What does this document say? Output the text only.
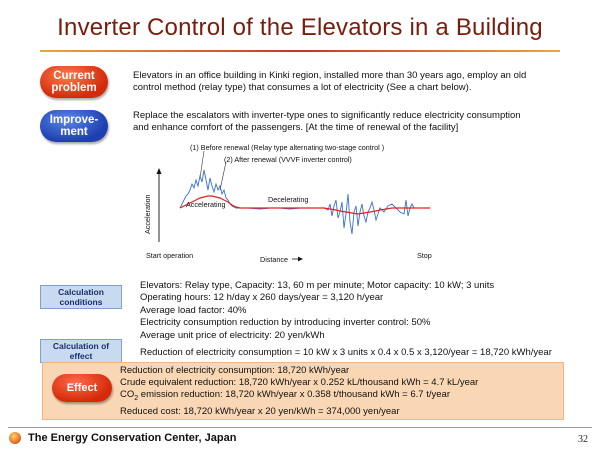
Inverter Control of the Elevators in a Building
Current problem
Elevators in an office building in Kinki region, installed more than 30 years ago, employ an old
control method (relay type) that consumes a lot of electricity (See a chart below).
Improve-ment
Replace the escalators with inverter-type ones to significantly reduce electricity consumption
and enhance comfort of the passengers. [At the time of renewal of the facility]
(1) Before renewal (Relay type alternating two-stage control )
(2) After renewal (VVVF inverter control)
Acceleration	Accelerating
Decelerating
Start operation	Distance	Stop
Calculation conditions
Elevators: Relay type, Capacity: 13, 60 m per minute; Motor capacity: 10 kW; 3 units
Operating hours: 12 h/day x 260 days/year = 3,120 h/year
Average load factor: 40%
Electricity consumption reduction by introducing inverter control: 50%
Average unit price of electricity: 20 yen/kWh
Calculation of effect	Reduction of electricity consumption = 10 kW x 3 units x 0.4 x 0.5 x 3,120/year = 18,720 kWh/year
Effect
Reduction of electricity consumption: 18,720 kWh/year
Crude equivalent reduction: 18,720 kWh/year x 0.252 kL/thousand kWh = 4.7 kL/year
$CO_2$ emission reduction: 18,720 kWh/year x 0.358 t/thousand kWh = 6.7 t/year
Reduced cost: 18,720 kWh/year x 20 yen/kWh = 374,000 yen/year
The Energy Conservation Center, Japan	32
